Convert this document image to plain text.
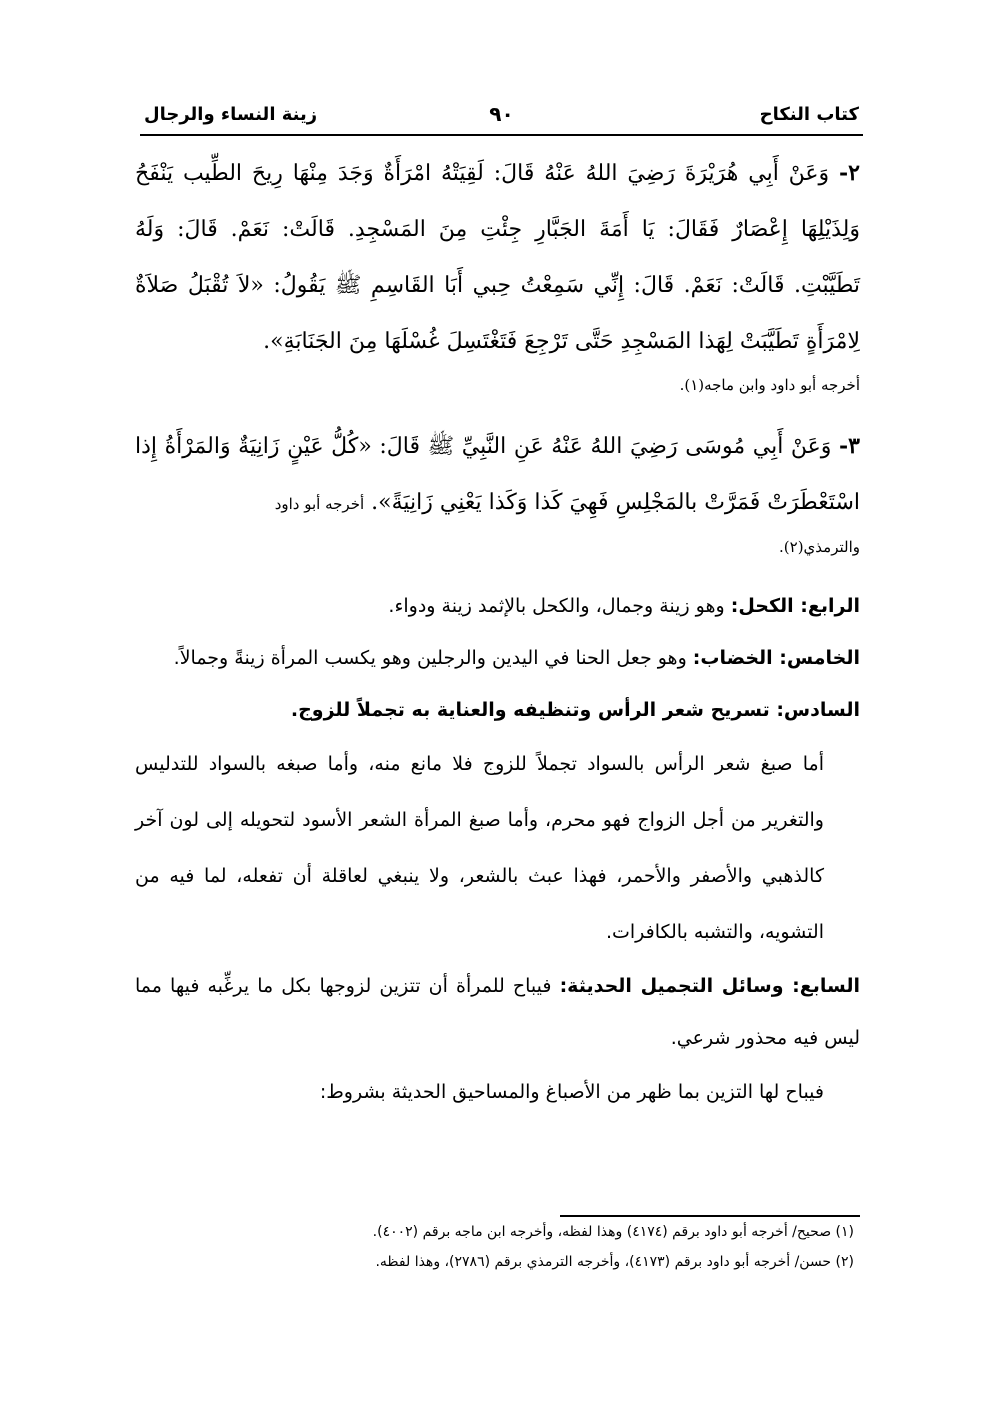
كتاب النكاح
٩٠
زينة النساء والرجال

٢- وَعَنْ أَبِي هُرَيْرَةَ رَضِيَ اللهُ عَنْهُ قَالَ: لَقِيَتْهُ امْرَأَةٌ وَجَدَ مِنْهَا رِيحَ الطِّيب يَنْفَحُ وَلِذَيْلِهَا إِعْصَارٌ فَقَالَ: يَا أَمَةَ الجَبَّارِ جِئْتِ مِنَ المَسْجِدِ. قَالَتْ: نَعَمْ. قَالَ: وَلَهُ تَطَيَّبْتِ. قَالَتْ: نَعَمْ. قَالَ: إِنِّي سَمِعْتُ حِبي أَبَا القَاسِمِ ﷺ يَقُولُ: «لاَ تُقْبَلُ صَلاَةٌ لِامْرَأَةٍ تَطَيَّبَتْ لِهَذا المَسْجِدِ حَتَّى تَرْجِعَ فَتَغْتَسِلَ غُسْلَهَا مِنَ الجَنَابَةِ».

أخرجه أبو داود وابن ماجه(١).

٣- وَعَنْ أَبِي مُوسَى رَضِيَ اللهُ عَنْهُ عَنِ النَّبِيِّ ﷺ قَالَ: «كُلُّ عَيْنٍ زَانِيَةٌ وَالمَرْأَةُ إِذا اسْتَعْطَرَتْ فَمَرَّتْ بالمَجْلِسِ فَهِيَ كَذا وَكَذا يَعْنِي زَانِيَةً». أخرجه أبو داود

والترمذي(٢).

الرابع: الكحل: وهو زينة وجمال، والكحل بالإثمد زينة ودواء.

الخامس: الخضاب: وهو جعل الحنا في اليدين والرجلين وهو يكسب المرأة زينةً وجمالاً.

السادس: تسريح شعر الرأس وتنظيفه والعناية به تجملاً للزوج.

أما صبغ شعر الرأس بالسواد تجملاً للزوج فلا مانع منه، وأما صبغه بالسواد للتدليس والتغرير من أجل الزواج فهو محرم، وأما صبغ المرأة الشعر الأسود لتحويله إلى لون آخر كالذهبي والأصفر والأحمر، فهذا عبث بالشعر، ولا ينبغي لعاقلة أن تفعله، لما فيه من التشويه، والتشبه بالكافرات.

السابع: وسائل التجميل الحديثة: فيباح للمرأة أن تتزين لزوجها بكل ما يرغِّبه فيها مما ليس فيه محذور شرعي.

فيباح لها التزين بما ظهر من الأصباغ والمساحيق الحديثة بشروط:

(١) صحيح/ أخرجه أبو داود برقم (٤١٧٤) وهذا لفظه، وأخرجه ابن ماجه برقم (٤٠٠٢).

(٢) حسن/ أخرجه أبو داود برقم (٤١٧٣)، وأخرجه الترمذي برقم (٢٧٨٦)، وهذا لفظه.
